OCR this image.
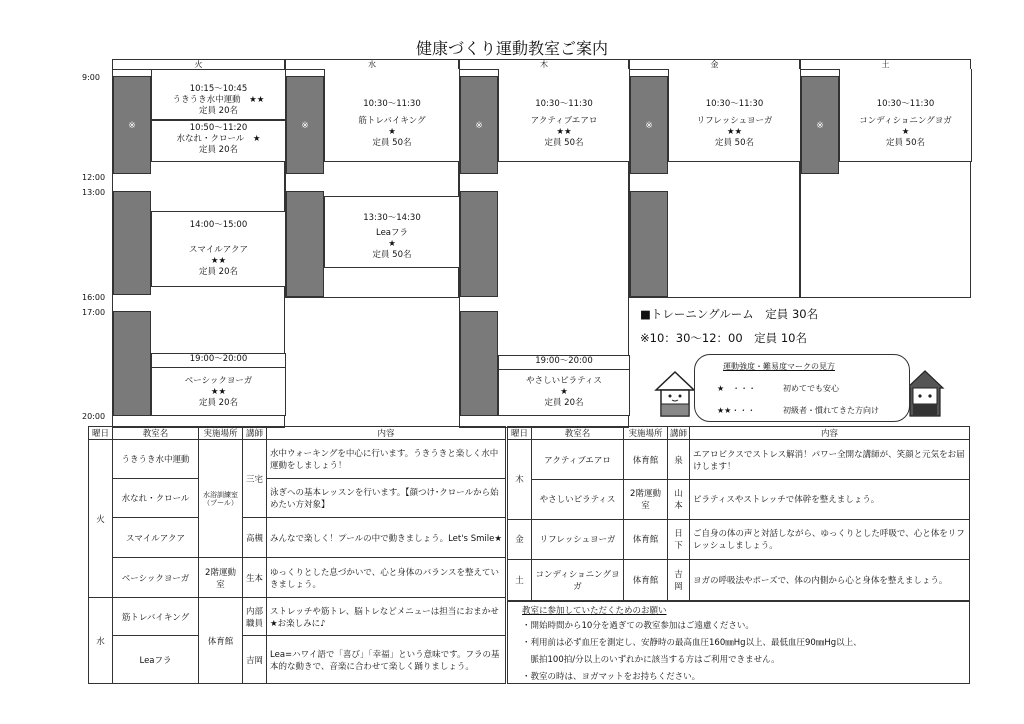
健康づくり運動教室ご案内
9:00
12:00
13:00
16:00
17:00
20:00
火
※
10:15～10:45
うきうき水中運動　★★
定員 20名
10:50～11:20
水なれ・クロール　★
定員 20名
14:00～15:00
スマイルアクア
★★
定員 20名
19:00～20:00
ベーシックヨーガ
★★
定員 20名
水
※
10:30～11:30
筋トレバイキング
★
定員 50名
13:30～14:30
Leaフラ
★
定員 50名
木
※
10:30～11:30
アクティブエアロ
★★
定員 50名
19:00～20:00
やさしいピラティス
★
定員 20名
金
※
10:30～11:30
リフレッシュヨーガ
★★
定員 50名
土
※
10:30～11:30
コンディショニングヨガ
★
定員 50名
■トレーニングルーム　定員 30名
※10：30～12：00　定員 10名
運動強度・難易度マークの見方
★　・・・	初めてでも安心
★★・・・	初級者・慣れてきた方向け
曜日	教室名	実施場所	講師	内容
火	うきうき水中運動	水浴訓練室（プール）	三宅	水中ウォーキングを中心に行います。うきうきと楽しく水中運動をしましょう！
	水なれ・クロール			泳ぎへの基本レッスンを行います。【顔つけ･クロールから始めたい方対象】
	スマイルアクア		高槻	みんなで楽しく！プールの中で動きましょう。Let's Smile★
	ベーシックヨーガ	2階運動室	生本	ゆっくりとした息づかいで、心と身体のバランスを整えていきましょう。
水	筋トレバイキング	体育館	内部職員	ストレッチや筋トレ、脳トレなどメニューは担当におまかせ★お楽しみに♪
	Leaフラ		吉岡	Lea=ハワイ語で「喜び」「幸福」という意味です。フラの基本的な動きで、音楽に合わせて楽しく踊りましょう。
曜日	教室名	実施場所	講師	内容
木	アクティブエアロ	体育館	泉	エアロビクスでストレス解消！パワー全開な講師が、笑顔と元気をお届けします！
	やさしいピラティス	2階運動室	山本	ピラティスやストレッチで体幹を整えましょう。
金	リフレッシュヨーガ	体育館	日下	ご自身の体の声と対話しながら、ゆっくりとした呼吸で、心と体をリフレッシュしましょう。
土	コンディショニングヨガ	体育館	吉岡	ヨガの呼吸法やポーズで、体の内側から心と身体を整えましょう。
教室に参加していただくためのお願い
・開始時間から10分を過ぎての教室参加はご遠慮ください。
・利用前は必ず血圧を測定し、安静時の最高血圧160㎜Hg以上、最低血圧90㎜Hg以上、
　脈拍100拍/分以上のいずれかに該当する方はご利用できません。
・教室の時は、ヨガマットをお持ちください。
